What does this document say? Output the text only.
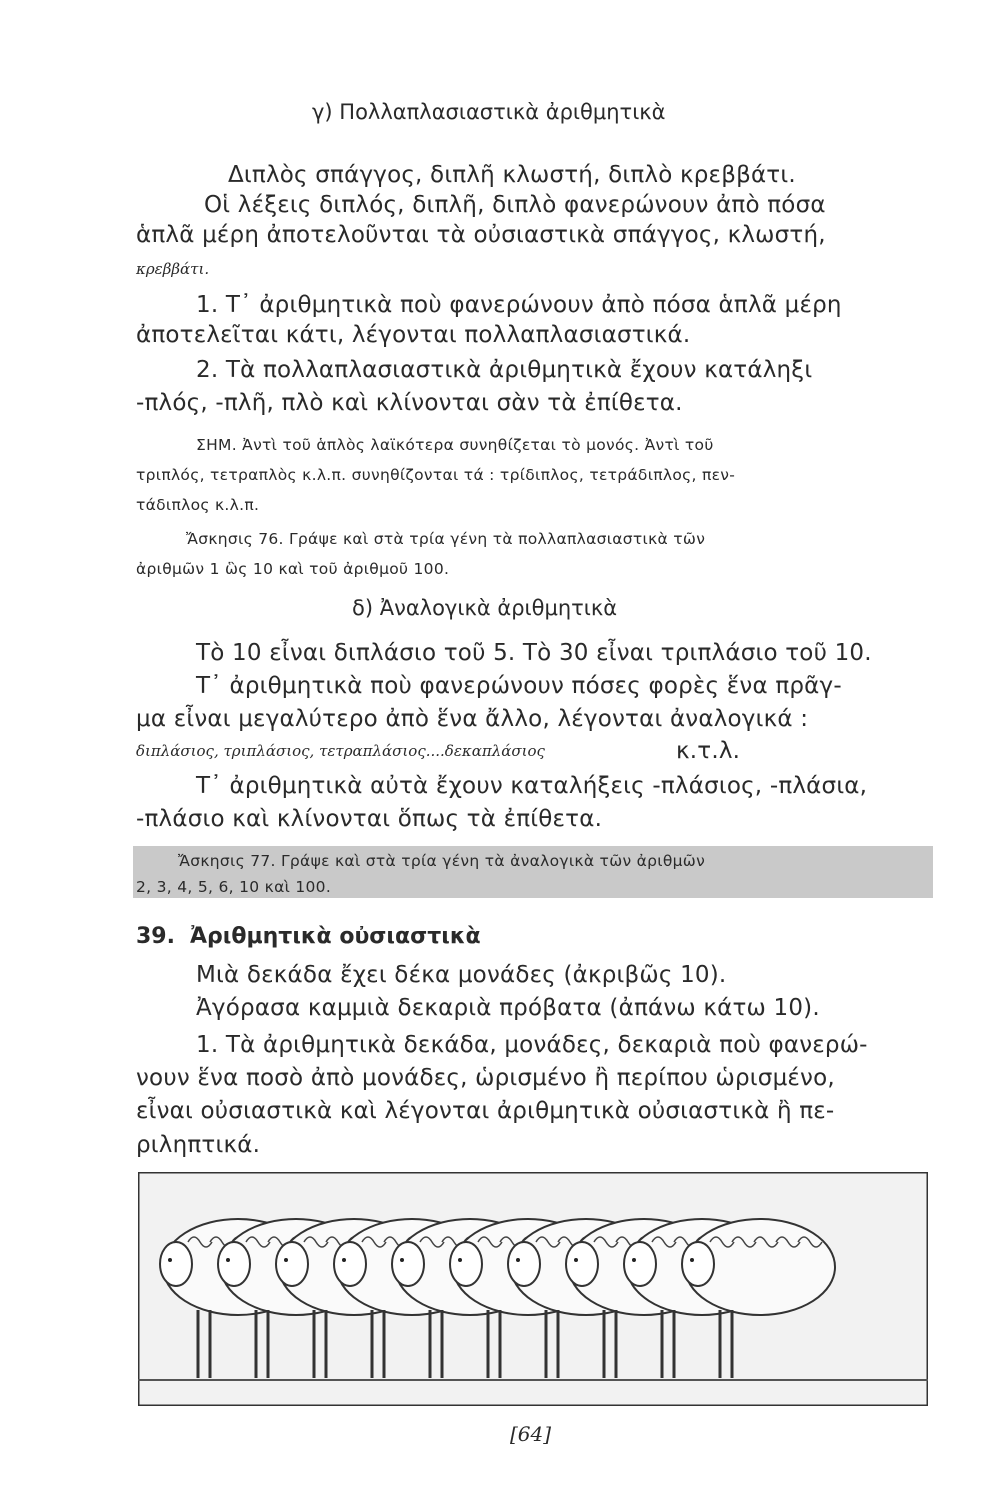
γ) Πολλαπλασιαστικὰ ἀριθμητικὰ
Διπλὸς σπάγγος, διπλῆ κλωστή, διπλὸ κρεββάτι.
Οἱ λέξεις διπλός, διπλῆ, διπλὸ φανερώνουν ἀπὸ πόσα
ἁπλᾶ μέρη ἀποτελοῦνται τὰ οὐσιαστικὰ σπάγγος, κλωστή,
κρεββάτι.
1. Τ᾽ ἀριθμητικὰ ποὺ φανερώνουν ἀπὸ πόσα ἁπλᾶ μέρη
ἀποτελεῖται κάτι, λέγονται πολλαπλασιαστικά.
2. Τὰ πολλαπλασιαστικὰ ἀριθμητικὰ ἔχουν κατάληξι
-πλός, -πλῆ, πλὸ καὶ κλίνονται σὰν τὰ ἐπίθετα.
ΣΗΜ. Ἀντὶ τοῦ ἁπλὸς λαϊκότερα συνηθίζεται τὸ μονός. Ἀντὶ τοῦ
τριπλός, τετραπλὸς κ.λ.π. συνηθίζονται τά : τρίδιπλος, τετράδιπλος, πεν-
τάδιπλος κ.λ.π.
Ἄσκησις 76. Γράψε καὶ στὰ τρία γένη τὰ πολλαπλασιαστικὰ τῶν
ἀριθμῶν 1 ὣς 10 καὶ τοῦ ἀριθμοῦ 100.
δ) Ἀναλογικὰ ἀριθμητικὰ
Τὸ 10 εἶναι διπλάσιο τοῦ 5. Τὸ 30 εἶναι τριπλάσιο τοῦ 10.
Τ᾽ ἀριθμητικὰ ποὺ φανερώνουν πόσες φορὲς ἕνα πρᾶγ-
μα εἶναι μεγαλύτερο ἀπὸ ἕνα ἄλλο, λέγονται ἀναλογικά :
διπλάσιος, τριπλάσιος, τετραπλάσιος....δεκαπλάσιος	κ.τ.λ.
Τ᾽ ἀριθμητικὰ αὐτὰ ἔχουν καταλήξεις -πλάσιος, -πλάσια,
-πλάσιο καὶ κλίνονται ὅπως τὰ ἐπίθετα.
Ἄσκησις 77. Γράψε καὶ στὰ τρία γένη τὰ ἀναλογικὰ τῶν ἀριθμῶν
2, 3, 4, 5, 6, 10 καὶ 100.
39. Ἀριθμητικὰ οὐσιαστικὰ
Μιὰ δεκάδα ἔχει δέκα μονάδες (ἀκριβῶς 10).
Ἀγόρασα καμμιὰ δεκαριὰ πρόβατα (ἀπάνω κάτω 10).
1. Τὰ ἀριθμητικὰ δεκάδα, μονάδες, δεκαριὰ ποὺ φανερώ-
νουν ἕνα ποσὸ ἀπὸ μονάδες, ὡρισμένο ἢ περίπου ὡρισμένο,
εἶναι οὐσιαστικὰ καὶ λέγονται ἀριθμητικὰ οὐσιαστικὰ ἢ πε-
ριληπτικά.
[64]
